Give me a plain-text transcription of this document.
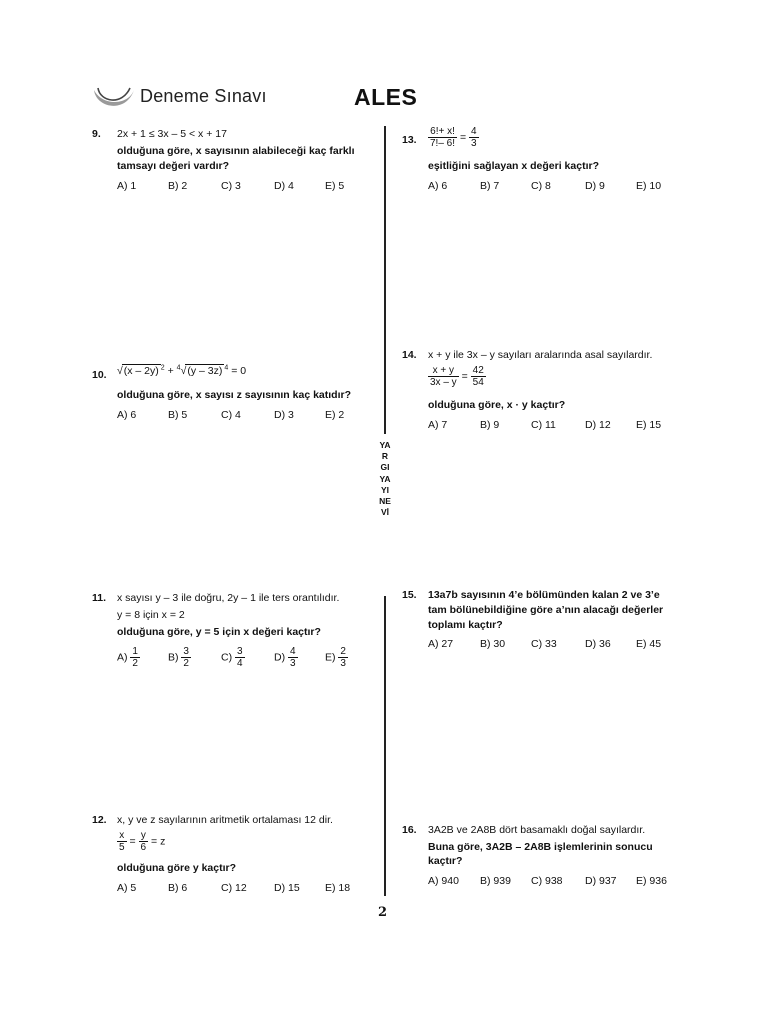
Deneme Sınavı	ALES
YARGI YAYINEVİ
9. 2x + 1 ≤ 3x – 5 < x + 17
olduğuna göre, x sayısının alabileceği kaç farklı
tamsayı değeri vardır?
A) 1	B) 2	C) 3	D) 4	E) 5
10. √(x – 2y) $^2$ + $^4$√(y – 3z) $^4$ = 0
olduğuna göre, x sayısı z sayısının kaç katıdır?
A) 6	B) 5	C) 4	D) 3	E) 2
11. x sayısı y – 3 ile doğru, 2y – 1 ile ters orantılıdır.
y = 8 için x = 2
olduğuna göre, y = 5 için x değeri kaçtır?
$A) \frac{1}{2}$	$B) \frac{3}{2}$	$C) \frac{3}{4}$	$D) \frac{4}{3}$	$E) \frac{2}{3}$
12. x, y ve z sayılarının aritmetik ortalaması 12 dir.
$\frac{x}{5} = \frac{y}{6} = z$
olduğuna göre y kaçtır?
A) 5	B) 6	C) 12	D) 15 E) 18
13. $\frac{6!+ x!}{7!- 6!} = \frac{4}{3}$
eşitliğini sağlayan x değeri kaçtır?
A) 6	B) 7	C) 8	D) 9	E) 10
14. x + y ile 3x – y sayıları aralarında asal sayılardır.
$\frac{x + y}{3x - y} = \frac{42}{54}$
olduğuna göre, x · y kaçtır?
A) 7	B) 9	C) 11	D) 12 E) 15
15. 13a7b sayısının 4’e bölümünden kalan 2 ve 3’e
tam bölünebildiğine göre a’nın alacağı değerler
toplamı kaçtır?
A) 27	B) 30 C) 33	D) 36 E) 45
16. 3A2B ve 2A8B dört basamaklı doğal sayılardır.
Buna göre, 3A2B – 2A8B işlemlerinin sonucu
kaçtır?
A) 940 B) 939 C) 938 D) 937 E) 936
2
